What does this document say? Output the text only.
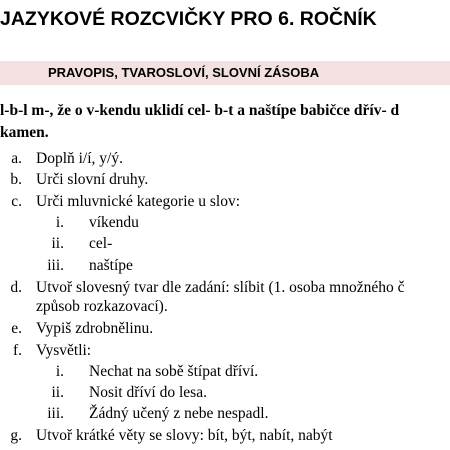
JAZYKOVÉ ROZCVIČKY PRO 6. ROČNÍK
PRAVOPIS, TVAROSLOVÍ, SLOVNÍ ZÁSOBA
l-b-l m-, že o v-kendu uklidí cel- b-t a naštípe babičce dřív- d
kamen.
a. Doplň i/í, y/ý.
b. Urči slovní druhy.
c. Urči mluvnické kategorie u slov:
i. víkendu
ii. cel-
iii. naštípe
d. Utvoř slovesný tvar dle zadání: slíbit (1. osoba množného č
způsob rozkazovací).
e. Vypiš zdrobnělinu.
f. Vysvětli:
i. Nechat na sobě štípat dříví.
ii. Nosit dříví do lesa.
iii. Žádný učený z nebe nespadl.
g. Utvoř krátké věty se slovy: bít, být, nabít, nabýt
